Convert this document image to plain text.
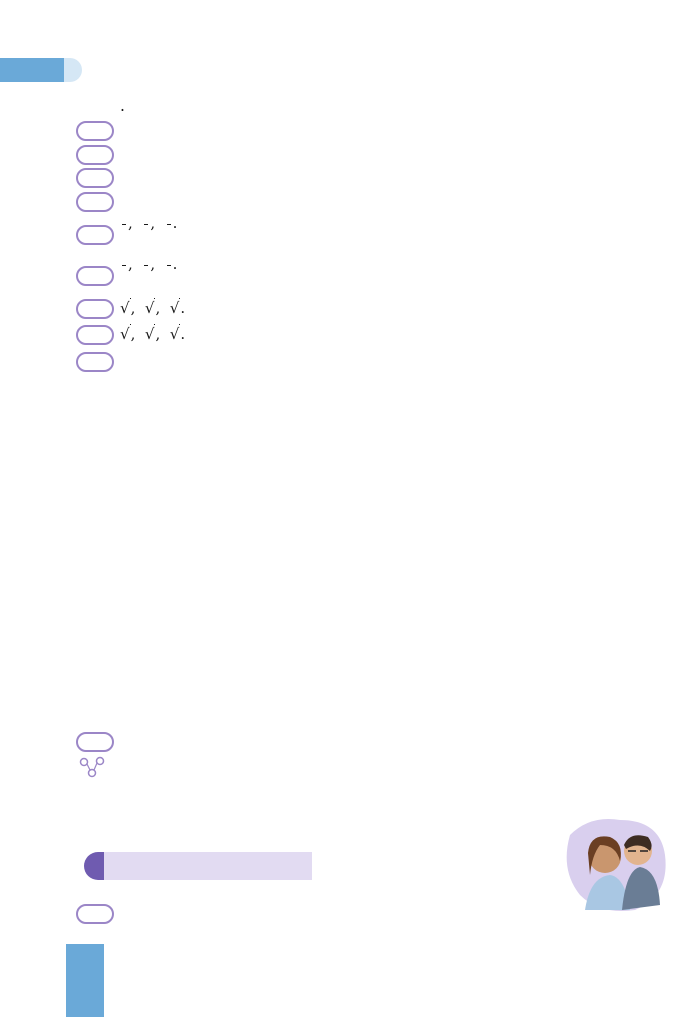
.
,
,
.
,
,
.
√,  √,  √.
√,  √,  √.
